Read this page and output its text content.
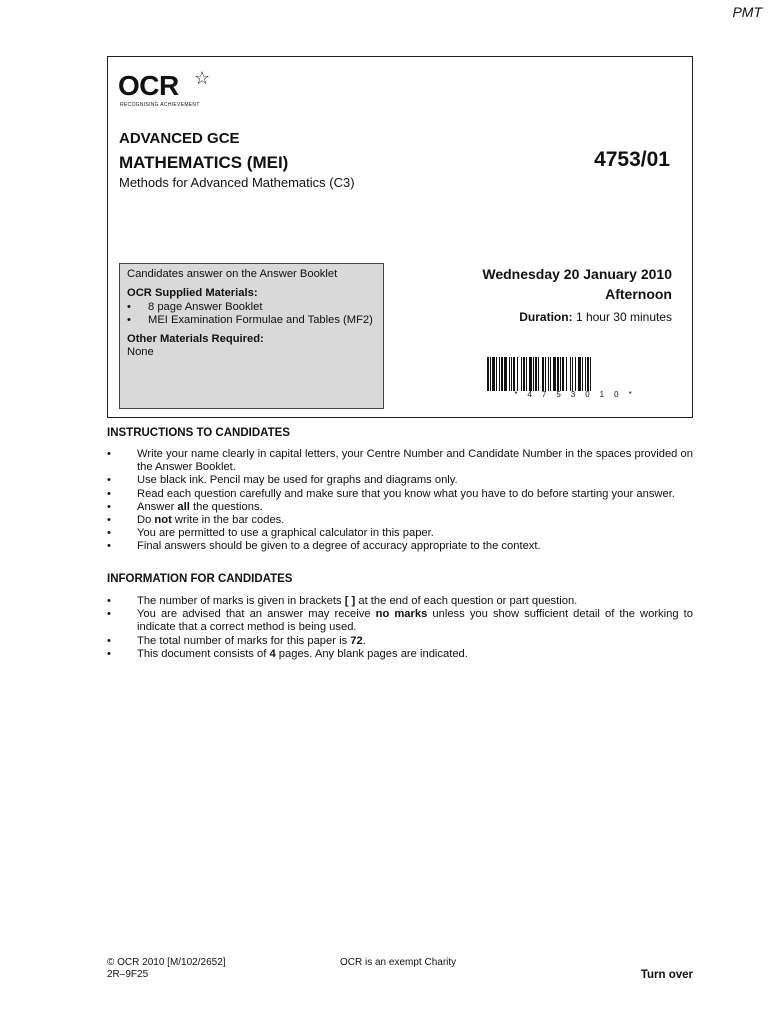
PMT
OCR ☆
RECOGNISING ACHIEVEMENT
ADVANCED GCE
MATHEMATICS (MEI)
Methods for Advanced Mathematics (C3)
4753/01
Candidates answer on the Answer Booklet
OCR Supplied Materials:
• 8 page Answer Booklet
• MEI Examination Formulae and Tables (MF2)
Other Materials Required:
None
Wednesday 20 January 2010
Afternoon
Duration: 1 hour 30 minutes
*4753010*
INSTRUCTIONS TO CANDIDATES
• Write your name clearly in capital letters, your Centre Number and Candidate Number in the spaces provided on the Answer Booklet.
• Use black ink. Pencil may be used for graphs and diagrams only.
• Read each question carefully and make sure that you know what you have to do before starting your answer.
• Answer all the questions.
• Do not write in the bar codes.
• You are permitted to use a graphical calculator in this paper.
• Final answers should be given to a degree of accuracy appropriate to the context.
INFORMATION FOR CANDIDATES
• The number of marks is given in brackets [ ] at the end of each question or part question.
• You are advised that an answer may receive no marks unless you show sufficient detail of the working to indicate that a correct method is being used.
• The total number of marks for this paper is 72.
• This document consists of 4 pages. Any blank pages are indicated.
© OCR 2010 [M/102/2652]
2R–9F25
OCR is an exempt Charity
Turn over
